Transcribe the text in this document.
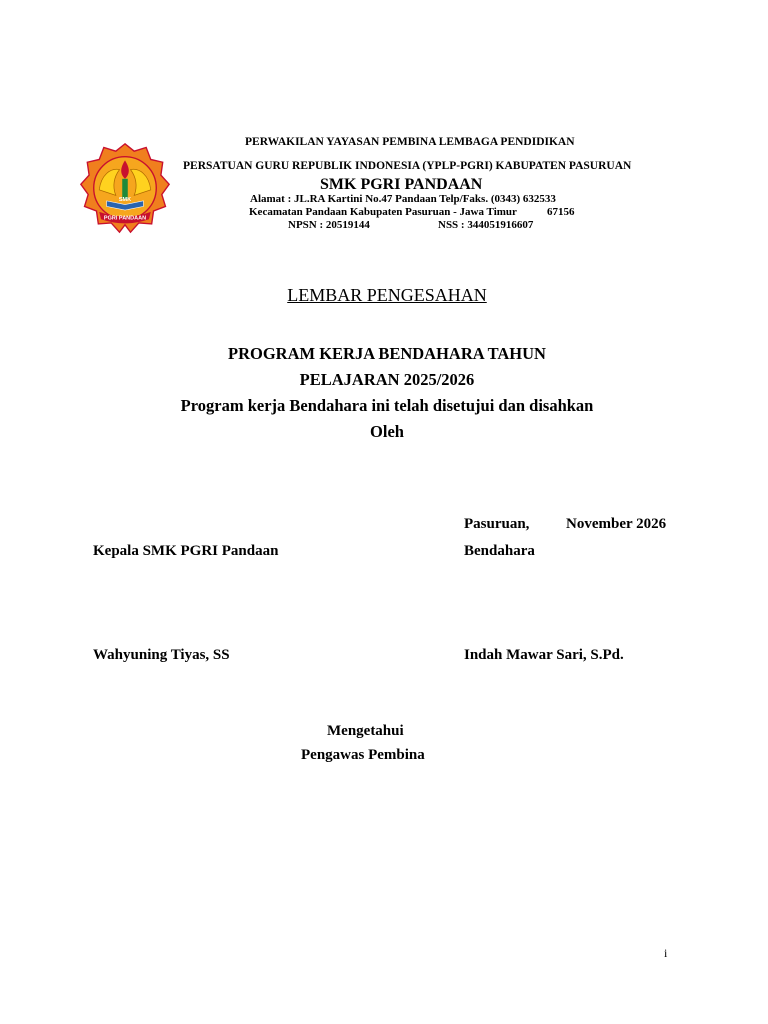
SMK
PGRI PANDAAN
PERWAKILAN YAYASAN PEMBINA LEMBAGA PENDIDIKAN
PERSATUAN GURU REPUBLIK INDONESIA (YPLP-PGRI) KABUPATEN PASURUAN
SMK PGRI PANDAAN
Alamat : JL.RA Kartini No.47 Pandaan Telp/Faks. (0343) 632533
Kecamatan Pandaan Kabupaten Pasuruan - Jawa Timur	67156
NPSN : 20519144	NSS : 344051916607
LEMBAR PENGESAHAN
PROGRAM KERJA BENDAHARA TAHUN
PELAJARAN 2025/2026
Program kerja Bendahara ini telah disetujui dan disahkan
Oleh
Pasuruan, November 2026
Kepala SMK PGRI Pandaan	Bendahara
Wahyuning Tiyas, SS	Indah Mawar Sari, S.Pd.
Mengetahui
Pengawas Pembina
i
